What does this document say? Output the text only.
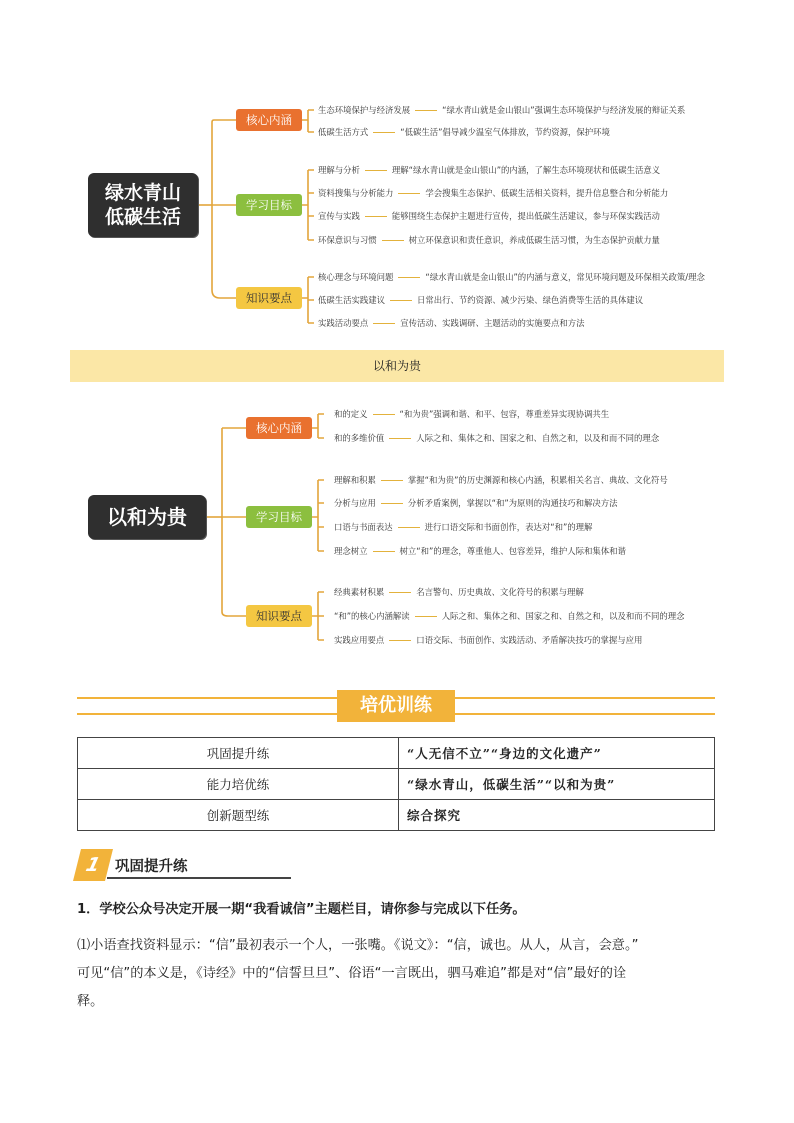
绿水青山
低碳生活
核心内涵
学习目标
知识要点
生态环境保护与经济发展	“绿水青山就是金山银山”强调生态环境保护与经济发展的辩证关系
低碳生活方式	“低碳生活”倡导减少温室气体排放，节约资源，保护环境
理解与分析	理解“绿水青山就是金山银山”的内涵，了解生态环境现状和低碳生活意义
资料搜集与分析能力	学会搜集生态保护、低碳生活相关资料，提升信息整合和分析能力
宣传与实践	能够围绕生态保护主题进行宣传，提出低碳生活建议，参与环保实践活动
环保意识与习惯	树立环保意识和责任意识，养成低碳生活习惯，为生态保护贡献力量
核心理念与环境问题	“绿水青山就是金山银山”的内涵与意义，常见环境问题及环保相关政策/理念
低碳生活实践建议	日常出行、节约资源、减少污染、绿色消费等生活的具体建议
实践活动要点	宣传活动、实践调研、主题活动的实施要点和方法
以和为贵
以和为贵
核心内涵
学习目标
知识要点
和的定义	“和为贵”强调和谐、和平、包容，尊重差异实现协调共生
和的多维价值	人际之和、集体之和、国家之和、自然之和，以及和而不同的理念
理解和积累	掌握“和为贵”的历史渊源和核心内涵，积累相关名言、典故、文化符号
分析与应用	分析矛盾案例，掌握以“和”为原则的沟通技巧和解决方法
口语与书面表达	进行口语交际和书面创作，表达对“和”的理解
理念树立	树立“和”的理念，尊重他人、包容差异，维护人际和集体和谐
经典素材积累	名言警句、历史典故、文化符号的积累与理解
“和”的核心内涵解读	人际之和、集体之和、国家之和、自然之和，以及和而不同的理念
实践应用要点	口语交际、书面创作、实践活动、矛盾解决技巧的掌握与应用
培优训练
巩固提升练	“人无信不立”“身边的文化遗产”
能力培优练	“绿水青山，低碳生活”“以和为贵”
创新题型练	综合探究
1 巩固提升练
1．学校公众号决定开展一期“我看诚信”主题栏目，请你参与完成以下任务。
⑴小语查找资料显示：“信”最初表示一个人，一张嘴。《说文》：“信，诚也。从人，从言，会意。”
可见“信”的本义是，《诗经》中的“信誓旦旦”、俗语“一言既出，驷马难追”都是对“信”最好的诠
释。
